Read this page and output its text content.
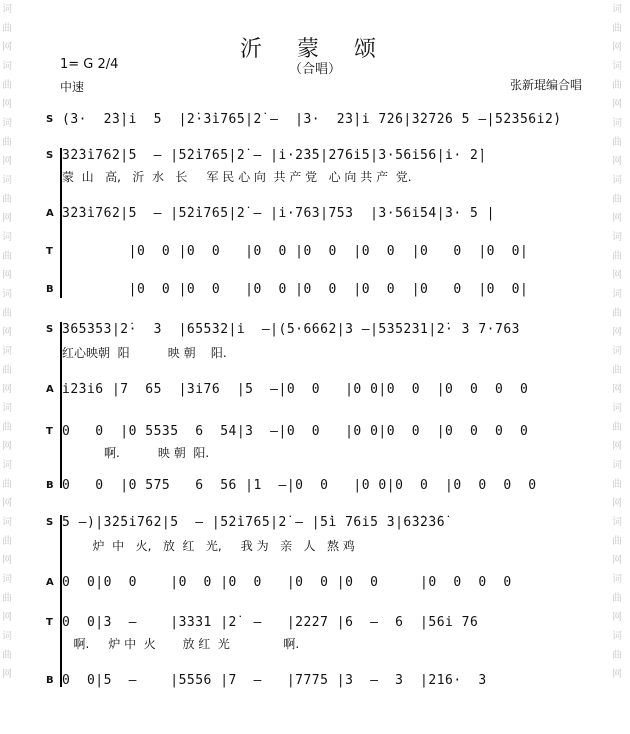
词曲网词曲网词曲网词曲网词曲网词曲网词曲网词曲网词曲网词曲网词曲网词曲网
词曲网词曲网词曲网词曲网词曲网词曲网词曲网词曲网词曲网词曲网词曲网词曲网
沂 蒙 颂
（合唱）
1= G 2/4
中速	张新琨编合唱
S (3·  2̇3̇|i  5  |2̇·3̇i765|2̇ —  |3·  2̇3̇|i 7̇2̇6|3̇2̇7̇2̇6 5 —|5̇2356i2̇)
S 3̇2̇3̇i762|5  — |5̇2̇i765|2̇ — |i·2̇3̇5|2̇76i5|3·56i56|i· 2̇|
蒙  山   高,   沂  水   长     军 民 心 向  共 产 党   心 向 共 产  党.
A 3̇2̇3̇i762|5  — |5̇2̇i765|2̇ — |i·763|753  |3·56i54|3· 5 |
T |0  0 |0  0   |0  0 |0  0  |0  0  |0   0  |0  0|
B |0  0 |0  0   |0  0 |0  0  |0  0  |0   0  |0  0|
S 365353|2̇·  3  |65532|i  —|(5·6662|3 —|535231|2̇· 3 7·763
红心映朝  阳          映 朝    阳.
A i2̇3i6 |7  65  |3i76  |5  —|0  0   |0 0|0  0  |0  0  0  0
T 0   0  |0 5535  6  54|3  —|0  0   |0 0|0  0  |0  0  0  0
啊.          映 朝  阳.
B 0   0  |0 575   6  56 |1  —|0  0   |0 0|0  0  |0  0  0  0
S 5 —)|3̇2̇5i762|5  — |5̇2̇i765|2̇ — |5̇i 76i5 3|6̇3̇2̇3̇6̇
炉  中   火,   放  红   光,     我 为   亲   人   熬 鸡
A 0  0|0  0    |0  0 |0  0   |0  0 |0  0     |0  0  0  0
T 0  0|3  —    |3331 |2̇  —   |2227 |6  —  6  |56i 76
啊.     炉 中  火       放 红  光              啊.
B 0  0|5  —    |5556 |7  —   |7775 |3  —  3  |216·  3
